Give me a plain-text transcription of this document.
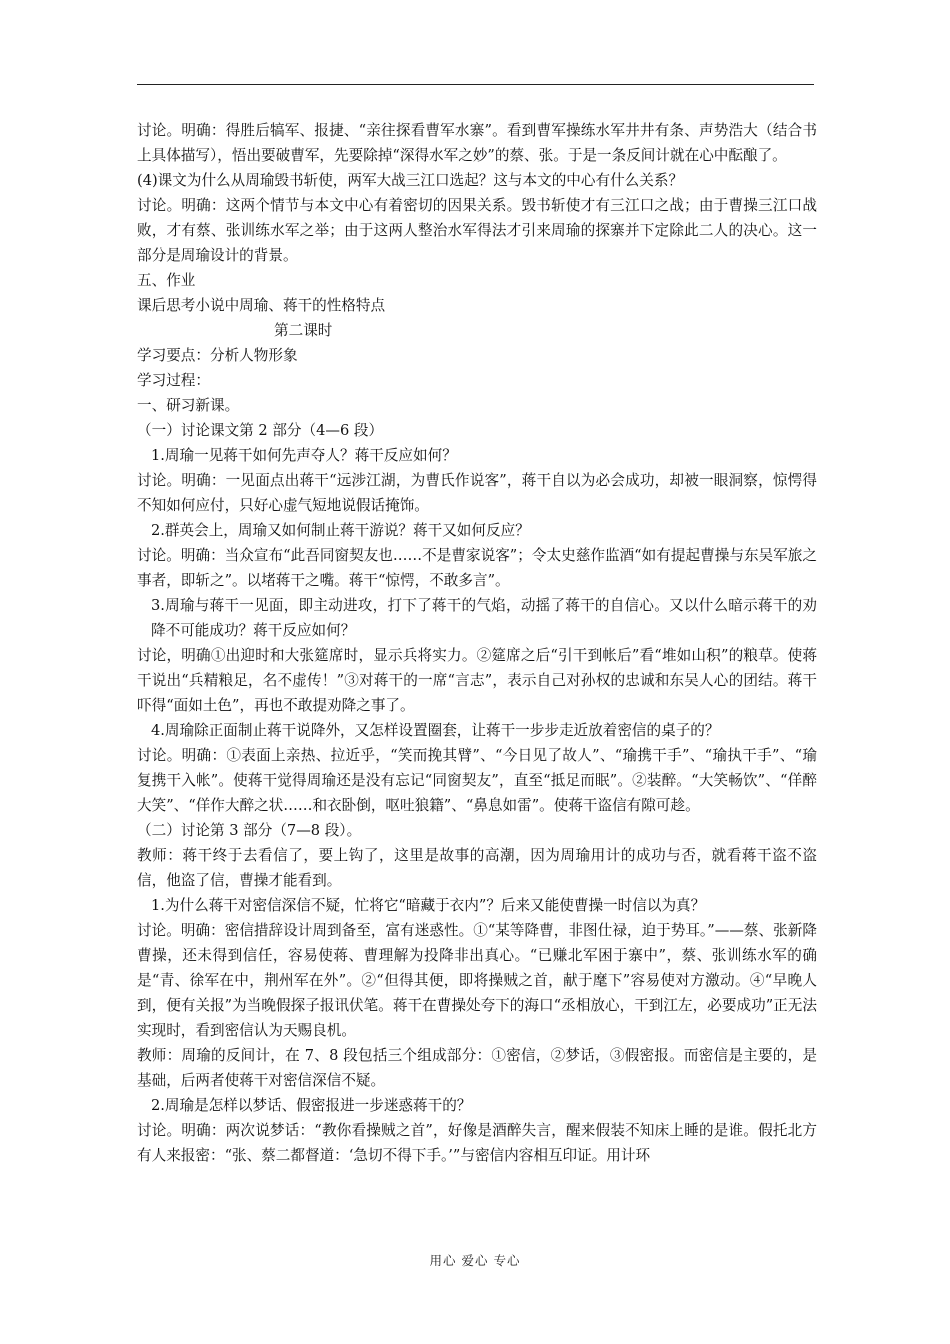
讨论。明确：得胜后犒军、报捷、“亲往探看曹军水寨”。看到曹军操练水军井井有条、声势浩大（结合书上具体描写），悟出要破曹军，先要除掉“深得水军之妙”的蔡、张。于是一条反间计就在心中酝酿了。

(4)课文为什么从周瑜毁书斩使，两军大战三江口选起？这与本文的中心有什么关系？

讨论。明确：这两个情节与本文中心有着密切的因果关系。毁书斩使才有三江口之战；由于曹操三江口战败，才有蔡、张训练水军之举；由于这两人整治水军得法才引来周瑜的探寨并下定除此二人的决心。这一部分是周瑜设计的背景。

五、作业

课后思考小说中周瑜、蒋干的性格特点

第二课时

学习要点：分析人物形象

学习过程：

一、研习新课。

（一）讨论课文第 2 部分（4—6 段）

1.周瑜一见蒋干如何先声夺人？蒋干反应如何？

讨论。明确：一见面点出蒋干“远涉江湖，为曹氏作说客”，蒋干自以为必会成功，却被一眼洞察，惊愕得不知如何应付，只好心虚气短地说假话掩饰。

2.群英会上，周瑜又如何制止蒋干游说？蒋干又如何反应？

讨论。明确：当众宣布“此吾同窗契友也……不是曹家说客”；令太史慈作监酒“如有提起曹操与东吴军旅之事者，即斩之”。以堵蒋干之嘴。蒋干“惊愕，不敢多言”。

3.周瑜与蒋干一见面，即主动进攻，打下了蒋干的气焰，动摇了蒋干的自信心。又以什么暗示蒋干的劝降不可能成功？蒋干反应如何？

讨论，明确①出迎时和大张筵席时，显示兵将实力。②筵席之后“引干到帐后”看“堆如山积”的粮草。使蒋干说出“兵精粮足，名不虚传！”③对蒋干的一席“言志”，表示自己对孙权的忠诚和东吴人心的团结。蒋干吓得“面如土色”，再也不敢提劝降之事了。

4.周瑜除正面制止蒋干说降外，又怎样设置圈套，让蒋干一步步走近放着密信的桌子的？

讨论。明确：①表面上亲热、拉近乎，“笑而挽其臂”、“今日见了故人”、“瑜携干手”、“瑜执干手”、“瑜复携干入帐”。使蒋干觉得周瑜还是没有忘记“同窗契友”，直至“抵足而眠”。②装醉。“大笑畅饮”、“佯醉大笑”、“佯作大醉之状……和衣卧倒，呕吐狼籍”、“鼻息如雷”。使蒋干盗信有隙可趁。

（二）讨论第 3 部分（7—8 段）。

教师：蒋干终于去看信了，要上钩了，这里是故事的高潮，因为周瑜用计的成功与否，就看蒋干盗不盗信，他盗了信，曹操才能看到。

1.为什么蒋干对密信深信不疑，忙将它“暗藏于衣内”？后来又能使曹操一时信以为真？

讨论。明确：密信措辞设计周到备至，富有迷惑性。①“某等降曹，非图仕禄，迫于势耳。”——蔡、张新降曹操，还未得到信任，容易使蒋、曹理解为投降非出真心。“已赚北军困于寨中”，蔡、张训练水军的确是“青、徐军在中，荆州军在外”。②“但得其便，即将操贼之首，献于麾下”容易使对方激动。④“早晚人到，便有关报”为当晚假探子报讯伏笔。蒋干在曹操处夸下的海口“丞相放心，干到江左，必要成功”正无法实现时，看到密信认为天赐良机。

教师：周瑜的反间计，在 7、8 段包括三个组成部分：①密信，②梦话，③假密报。而密信是主要的，是基础，后两者使蒋干对密信深信不疑。

2.周瑜是怎样以梦话、假密报进一步迷惑蒋干的？

讨论。明确：两次说梦话：“教你看操贼之首”，好像是酒醉失言，醒来假装不知床上睡的是谁。假托北方有人来报密：“张、蔡二都督道：‘急切不得下手。’”与密信内容相互印证。用计环

用心 爱心 专心
